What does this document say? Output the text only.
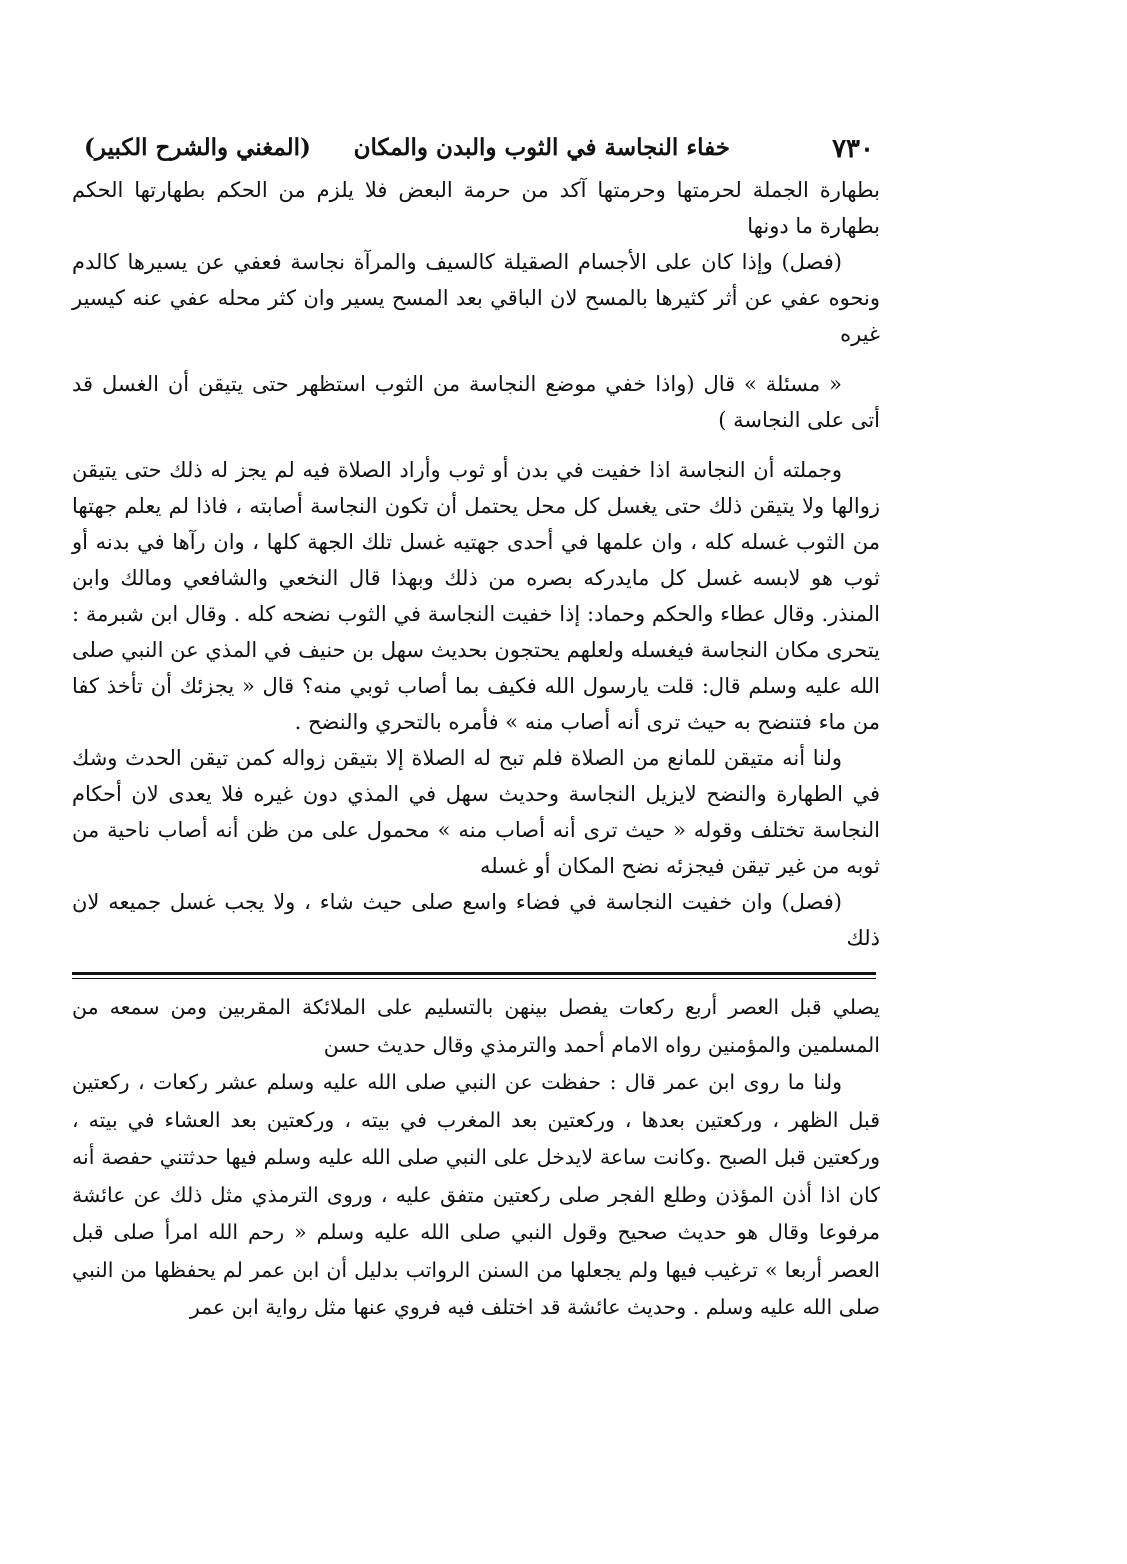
٧٣٠
خفاء النجاسة في الثوب والبدن والمكان
(المغني والشرح الكبير)

بطهارة الجملة لحرمتها وحرمتها آكد من حرمة البعض فلا يلزم من الحكم بطهارتها الحكم بطهارة ما دونها

(فصل) وإذا كان على الأجسام الصقيلة كالسيف والمرآة نجاسة فعفي عن يسيرها كالدم ونحوه عفي عن أثر كثيرها بالمسح لان الباقي بعد المسح يسير وان كثر محله عفي عنه كيسير غيره

« مسئلة » قال (واذا خفي موضع النجاسة من الثوب استظهر حتى يتيقن أن الغسل قد أتى على النجاسة )

وجملته أن النجاسة اذا خفيت في بدن أو ثوب وأراد الصلاة فيه لم يجز له ذلك حتى يتيقن زوالها ولا يتيقن ذلك حتى يغسل كل محل يحتمل أن تكون النجاسة أصابته ، فاذا لم يعلم جهتها من الثوب غسله كله ، وان علمها في أحدى جهتيه غسل تلك الجهة كلها ، وان رآها في بدنه أو ثوب هو لابسه غسل كل مايدركه بصره من ذلك وبهذا قال النخعي والشافعي ومالك وابن المنذر. وقال عطاء والحكم وحماد: إذا خفيت النجاسة في الثوب نضحه كله . وقال ابن شبرمة : يتحرى مكان النجاسة فيغسله ولعلهم يحتجون بحديث سهل بن حنيف في المذي عن النبي صلى الله عليه وسلم قال: قلت يارسول الله فكيف بما أصاب ثوبي منه؟ قال « يجزئك أن تأخذ كفا من ماء فتنضح به حيث ترى أنه أصاب منه » فأمره بالتحري والنضح .

ولنا أنه متيقن للمانع من الصلاة فلم تبح له الصلاة إلا بتيقن زواله كمن تيقن الحدث وشك في الطهارة والنضح لايزيل النجاسة وحديث سهل في المذي دون غيره فلا يعدى لان أحكام النجاسة تختلف وقوله « حيث ترى أنه أصاب منه » محمول على من ظن أنه أصاب ناحية من ثوبه من غير تيقن فيجزئه نضح المكان أو غسله

(فصل) وان خفيت النجاسة في فضاء واسع صلى حيث شاء ، ولا يجب غسل جميعه لان ذلك

يصلي قبل العصر أربع ركعات يفصل بينهن بالتسليم على الملائكة المقربين ومن سمعه من المسلمين والمؤمنين رواه الامام أحمد والترمذي وقال حديث حسن

ولنا ما روى ابن عمر قال : حفظت عن النبي صلى الله عليه وسلم عشر ركعات ، ركعتين قبل الظهر ، وركعتين بعدها ، وركعتين بعد المغرب في بيته ، وركعتين بعد العشاء في بيته ، وركعتين قبل الصبح .وكانت ساعة لايدخل على النبي صلى الله عليه وسلم فيها حدثتني حفصة أنه كان اذا أذن المؤذن وطلع الفجر صلى ركعتين متفق عليه ، وروى الترمذي مثل ذلك عن عائشة مرفوعا وقال هو حديث صحيح وقول النبي صلى الله عليه وسلم « رحم الله امرأ صلى قبل العصر أربعا » ترغيب فيها ولم يجعلها من السنن الرواتب بدليل أن ابن عمر لم يحفظها من النبي صلى الله عليه وسلم . وحديث عائشة قد اختلف فيه فروي عنها مثل رواية ابن عمر
